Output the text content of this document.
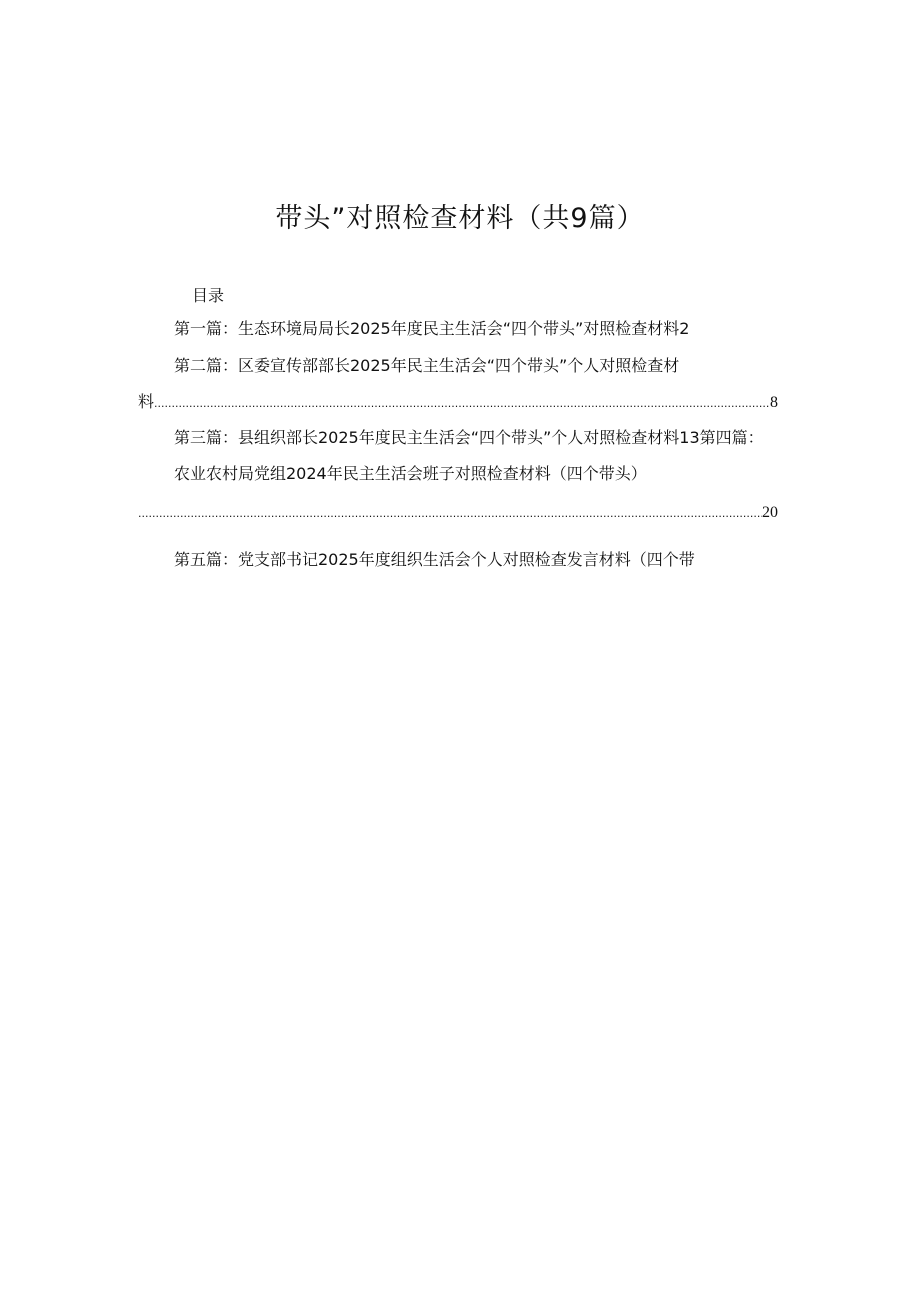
带头”对照检查材料（共9篇）
目录
第一篇：生态环境局局长2025年度民主生活会“四个带头”对照检查材料2
第二篇：区委宣传部部长2025年民主生活会“四个带头”个人对照检查材
料
.....	8
第三篇：县组织部长2025年度民主生活会“四个带头”个人对照检查材料13第四篇：
农业农村局党组2024年民主生活会班子对照检查材料（四个带头）
.....
20
第五篇：党支部书记2025年度组织生活会个人对照检查发言材料（四个带
